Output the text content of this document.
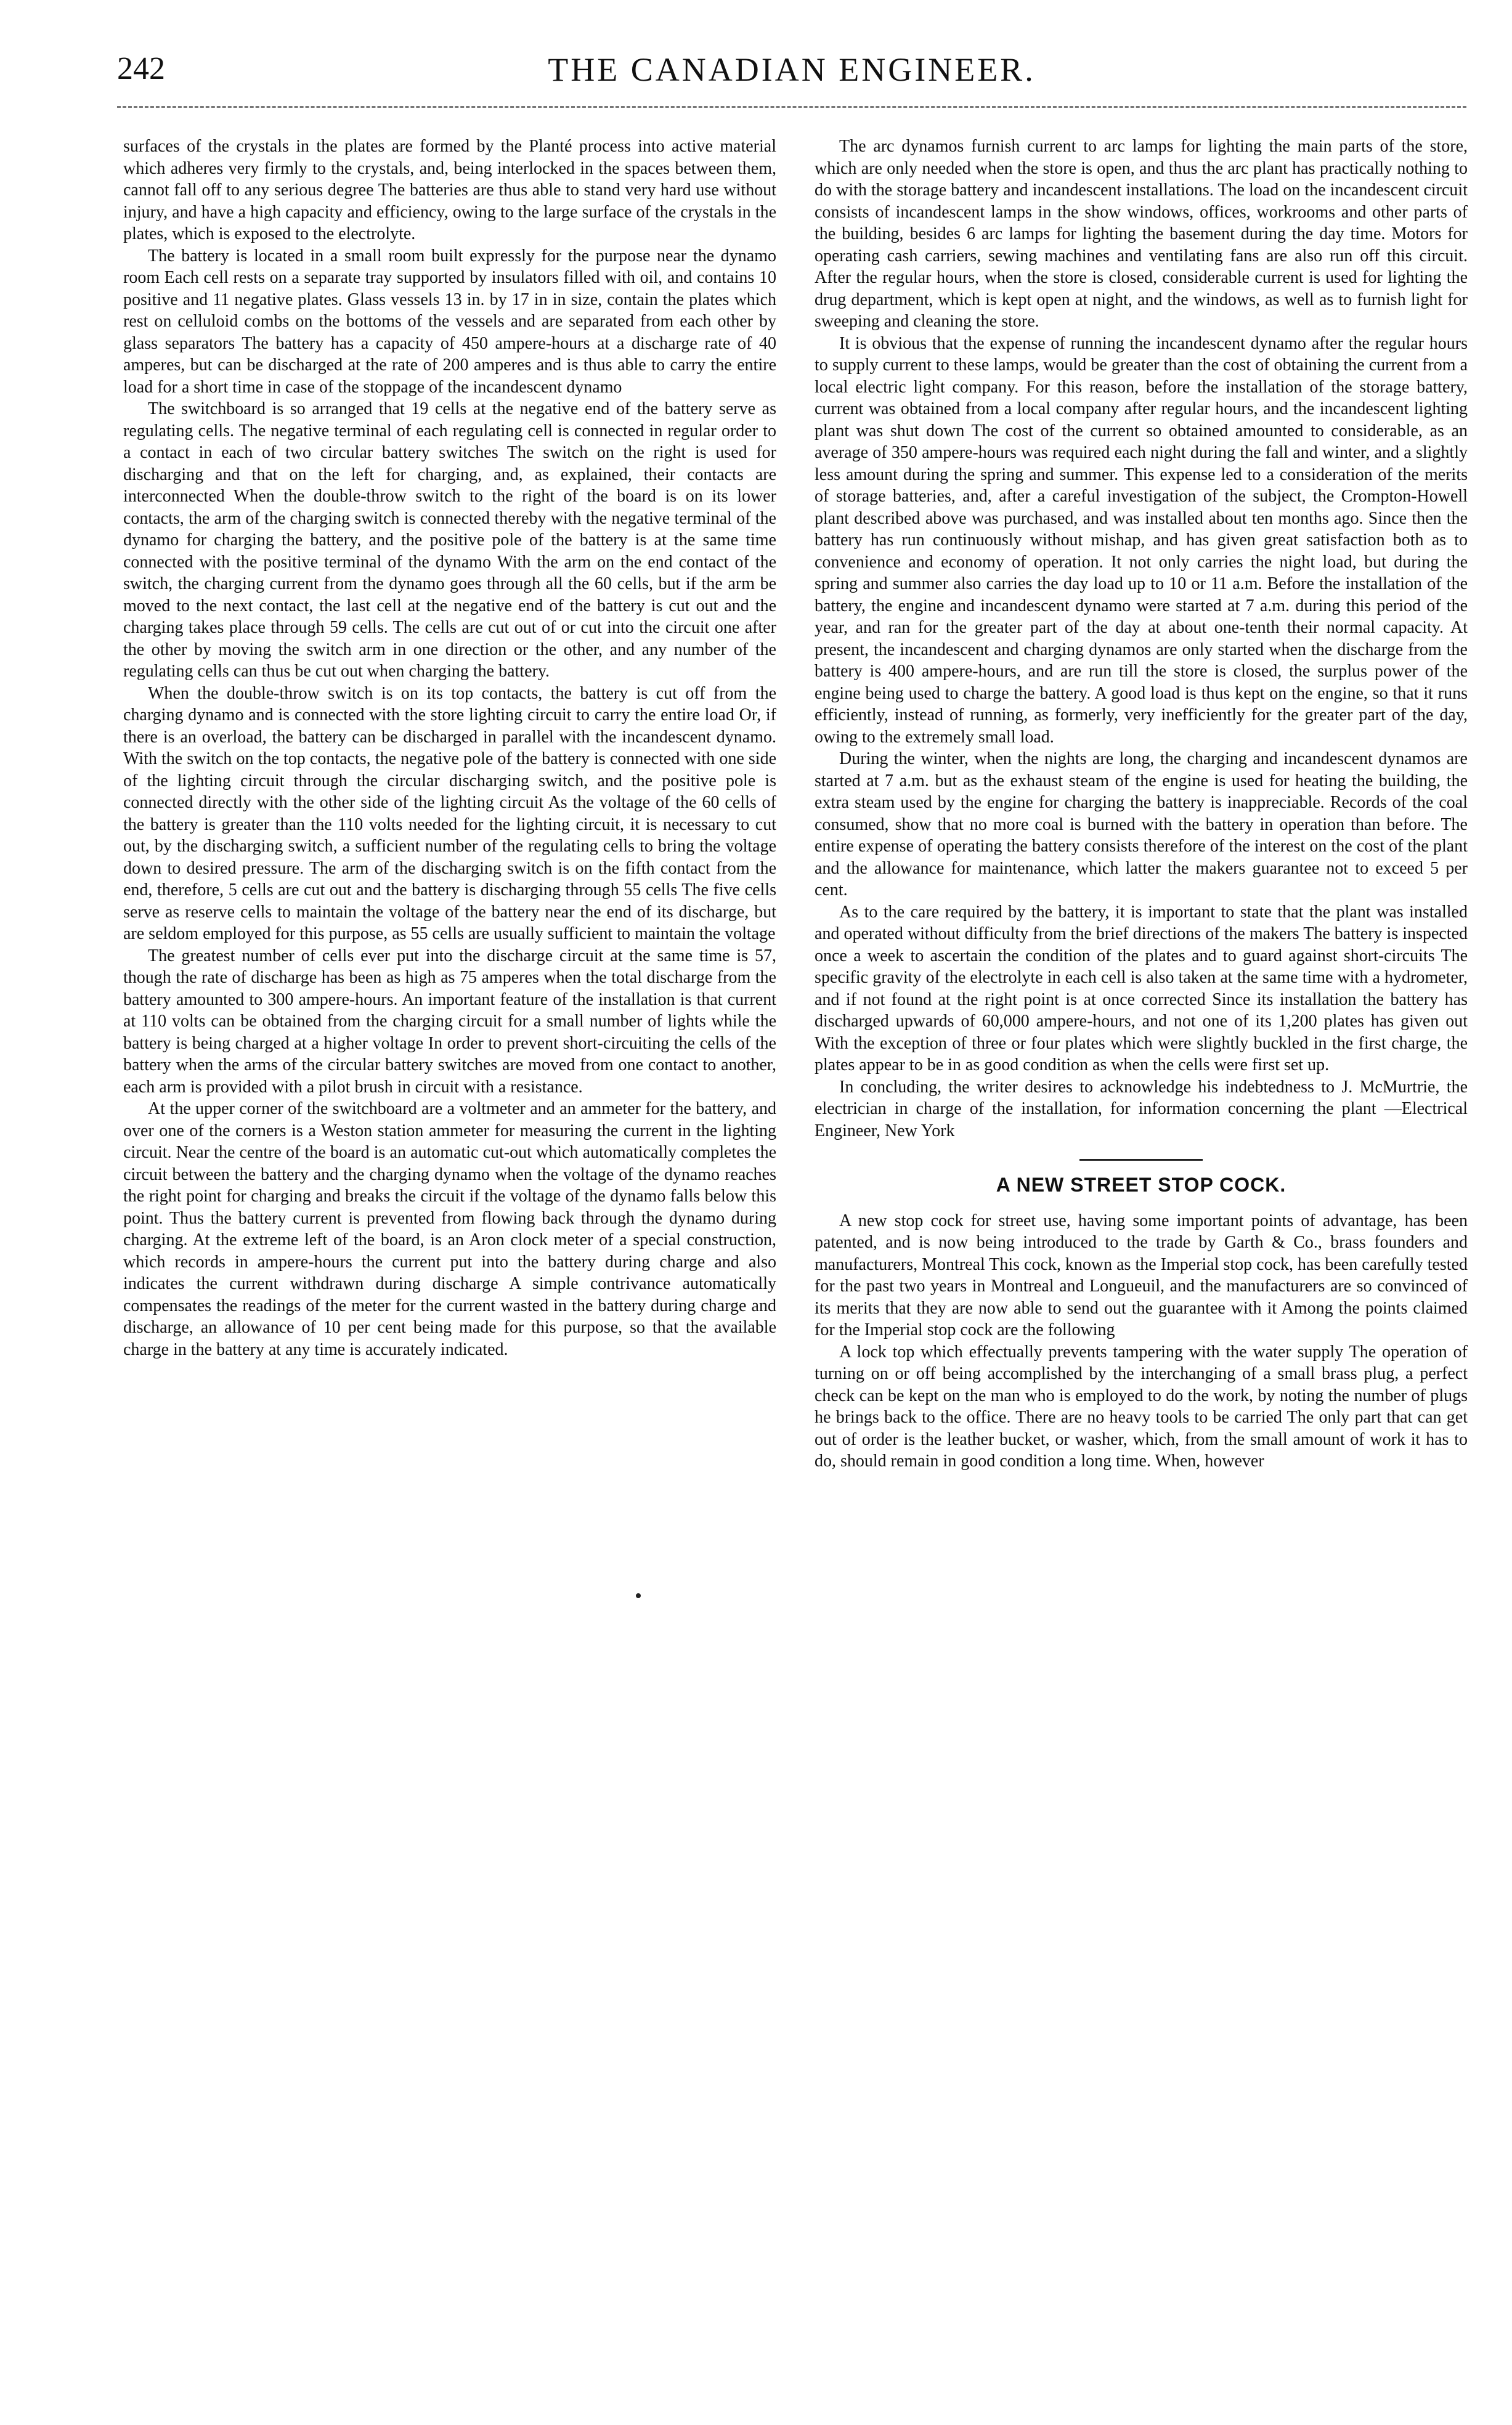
242	THE CANADIAN ENGINEER.

surfaces of the crystals in the plates are formed by the Planté process into active material which adheres very firmly to the crystals, and, being interlocked in the spaces between them, cannot fall off to any serious degree The batteries are thus able to stand very hard use without injury, and have a high capacity and efficiency, owing to the large surface of the crystals in the plates, which is exposed to the electrolyte.

The battery is located in a small room built expressly for the purpose near the dynamo room Each cell rests on a separate tray supported by insulators filled with oil, and contains 10 positive and 11 negative plates. Glass vessels 13 in. by 17 in in size, contain the plates which rest on celluloid combs on the bottoms of the vessels and are separated from each other by glass separators The battery has a capacity of 450 ampere-hours at a discharge rate of 40 amperes, but can be discharged at the rate of 200 amperes and is thus able to carry the entire load for a short time in case of the stoppage of the incandescent dynamo

The switchboard is so arranged that 19 cells at the negative end of the battery serve as regulating cells. The negative terminal of each regulating cell is connected in regular order to a contact in each of two circular battery switches The switch on the right is used for discharging and that on the left for charging, and, as explained, their contacts are interconnected When the double-throw switch to the right of the board is on its lower contacts, the arm of the charging switch is connected thereby with the negative terminal of the dynamo for charging the battery, and the positive pole of the battery is at the same time connected with the positive terminal of the dynamo With the arm on the end contact of the switch, the charging current from the dynamo goes through all the 60 cells, but if the arm be moved to the next contact, the last cell at the negative end of the battery is cut out and the charging takes place through 59 cells. The cells are cut out of or cut into the circuit one after the other by moving the switch arm in one direction or the other, and any number of the regulating cells can thus be cut out when charging the battery.

When the double-throw switch is on its top contacts, the battery is cut off from the charging dynamo and is connected with the store lighting circuit to carry the entire load Or, if there is an overload, the battery can be discharged in parallel with the incandescent dynamo. With the switch on the top contacts, the negative pole of the battery is connected with one side of the lighting circuit through the circular discharging switch, and the positive pole is connected directly with the other side of the lighting circuit As the voltage of the 60 cells of the battery is greater than the 110 volts needed for the lighting circuit, it is necessary to cut out, by the discharging switch, a sufficient number of the regulating cells to bring the voltage down to desired pressure. The arm of the discharging switch is on the fifth contact from the end, therefore, 5 cells are cut out and the battery is discharging through 55 cells The five cells serve as reserve cells to maintain the voltage of the battery near the end of its discharge, but are seldom employed for this purpose, as 55 cells are usually sufficient to maintain the voltage

The greatest number of cells ever put into the discharge circuit at the same time is 57, though the rate of discharge has been as high as 75 amperes when the total discharge from the battery amounted to 300 ampere-hours. An important feature of the installation is that current at 110 volts can be obtained from the charging circuit for a small number of lights while the battery is being charged at a higher voltage In order to prevent short-circuiting the cells of the battery when the arms of the circular battery switches are moved from one contact to another, each arm is provided with a pilot brush in circuit with a resistance.

At the upper corner of the switchboard are a voltmeter and an ammeter for the battery, and over one of the corners is a Weston station ammeter for measuring the current in the lighting circuit. Near the centre of the board is an automatic cut-out which automatically completes the circuit between the battery and the charging dynamo when the voltage of the dynamo reaches the right point for charging and breaks the circuit if the voltage of the dynamo falls below this point. Thus the battery current is prevented from flowing back through the dynamo during charging. At the extreme left of the board, is an Aron clock meter of a special construction, which records in ampere-hours the current put into the battery during charge and also indicates the current withdrawn during discharge A simple contrivance automatically compensates the readings of the meter for the current wasted in the battery during charge and discharge, an allowance of 10 per cent being made for this purpose, so that the available charge in the battery at any time is accurately indicated.

The arc dynamos furnish current to arc lamps for lighting the main parts of the store, which are only needed when the store is open, and thus the arc plant has practically nothing to do with the storage battery and incandescent installations. The load on the incandescent circuit consists of incandescent lamps in the show windows, offices, workrooms and other parts of the building, besides 6 arc lamps for lighting the basement during the day time. Motors for operating cash carriers, sewing machines and ventilating fans are also run off this circuit. After the regular hours, when the store is closed, considerable current is used for lighting the drug department, which is kept open at night, and the windows, as well as to furnish light for sweeping and cleaning the store.

It is obvious that the expense of running the incandescent dynamo after the regular hours to supply current to these lamps, would be greater than the cost of obtaining the current from a local electric light company. For this reason, before the installation of the storage battery, current was obtained from a local company after regular hours, and the incandescent lighting plant was shut down The cost of the current so obtained amounted to considerable, as an average of 350 ampere-hours was required each night during the fall and winter, and a slightly less amount during the spring and summer. This expense led to a consideration of the merits of storage batteries, and, after a careful investigation of the subject, the Crompton-Howell plant described above was purchased, and was installed about ten months ago. Since then the battery has run continuously without mishap, and has given great satisfaction both as to convenience and economy of operation. It not only carries the night load, but during the spring and summer also carries the day load up to 10 or 11 a.m. Before the installation of the battery, the engine and incandescent dynamo were started at 7 a.m. during this period of the year, and ran for the greater part of the day at about one-tenth their normal capacity. At present, the incandescent and charging dynamos are only started when the discharge from the battery is 400 ampere-hours, and are run till the store is closed, the surplus power of the engine being used to charge the battery. A good load is thus kept on the engine, so that it runs efficiently, instead of running, as formerly, very inefficiently for the greater part of the day, owing to the extremely small load.

During the winter, when the nights are long, the charging and incandescent dynamos are started at 7 a.m. but as the exhaust steam of the engine is used for heating the building, the extra steam used by the engine for charging the battery is inappreciable. Records of the coal consumed, show that no more coal is burned with the battery in operation than before. The entire expense of operating the battery consists therefore of the interest on the cost of the plant and the allowance for maintenance, which latter the makers guarantee not to exceed 5 per cent.

As to the care required by the battery, it is important to state that the plant was installed and operated without difficulty from the brief directions of the makers The battery is inspected once a week to ascertain the condition of the plates and to guard against short-circuits The specific gravity of the electrolyte in each cell is also taken at the same time with a hydrometer, and if not found at the right point is at once corrected Since its installation the battery has discharged upwards of 60,000 ampere-hours, and not one of its 1,200 plates has given out With the exception of three or four plates which were slightly buckled in the first charge, the plates appear to be in as good condition as when the cells were first set up.

In concluding, the writer desires to acknowledge his indebtedness to J. McMurtrie, the electrician in charge of the installation, for information concerning the plant —Electrical Engineer, New York

A NEW STREET STOP COCK.

A new stop cock for street use, having some important points of advantage, has been patented, and is now being introduced to the trade by Garth & Co., brass founders and manufacturers, Montreal This cock, known as the Imperial stop cock, has been carefully tested for the past two years in Montreal and Longueuil, and the manufacturers are so convinced of its merits that they are now able to send out the guarantee with it Among the points claimed for the Imperial stop cock are the following

A lock top which effectually prevents tampering with the water supply The operation of turning on or off being accomplished by the interchanging of a small brass plug, a perfect check can be kept on the man who is employed to do the work, by noting the number of plugs he brings back to the office. There are no heavy tools to be carried The only part that can get out of order is the leather bucket, or washer, which, from the small amount of work it has to do, should remain in good condition a long time. When, however
